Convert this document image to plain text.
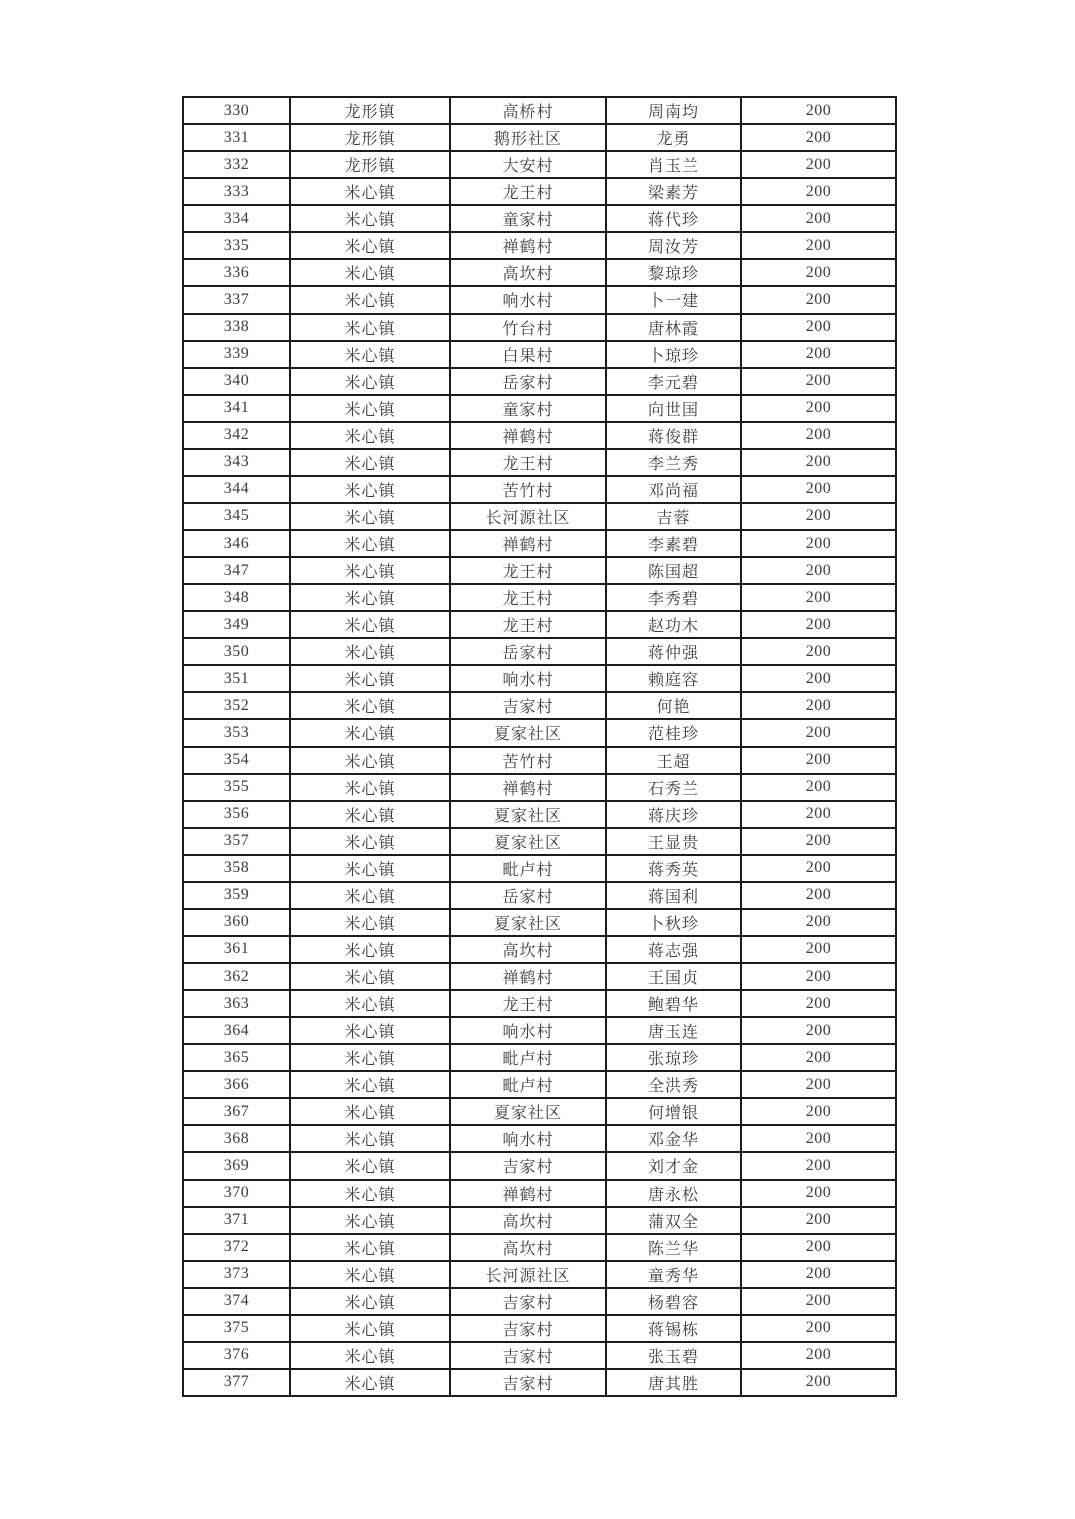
330	龙形镇	高桥村	周南均	200
331	龙形镇	鹅形社区	龙勇	200
332	龙形镇	大安村	肖玉兰	200
333	米心镇	龙王村	梁素芳	200
334	米心镇	童家村	蒋代珍	200
335	米心镇	禅鹤村	周汝芳	200
336	米心镇	高坎村	黎琼珍	200
337	米心镇	响水村	卜一建	200
338	米心镇	竹台村	唐林霞	200
339	米心镇	白果村	卜琼珍	200
340	米心镇	岳家村	李元碧	200
341	米心镇	童家村	向世国	200
342	米心镇	禅鹤村	蒋俊群	200
343	米心镇	龙王村	李兰秀	200
344	米心镇	苦竹村	邓尚福	200
345	米心镇	长河源社区	吉蓉	200
346	米心镇	禅鹤村	李素碧	200
347	米心镇	龙王村	陈国超	200
348	米心镇	龙王村	李秀碧	200
349	米心镇	龙王村	赵功木	200
350	米心镇	岳家村	蒋仲强	200
351	米心镇	响水村	赖庭容	200
352	米心镇	吉家村	何艳	200
353	米心镇	夏家社区	范桂珍	200
354	米心镇	苦竹村	王超	200
355	米心镇	禅鹤村	石秀兰	200
356	米心镇	夏家社区	蒋庆珍	200
357	米心镇	夏家社区	王显贵	200
358	米心镇	毗卢村	蒋秀英	200
359	米心镇	岳家村	蒋国利	200
360	米心镇	夏家社区	卜秋珍	200
361	米心镇	高坎村	蒋志强	200
362	米心镇	禅鹤村	王国贞	200
363	米心镇	龙王村	鲍碧华	200
364	米心镇	响水村	唐玉连	200
365	米心镇	毗卢村	张琼珍	200
366	米心镇	毗卢村	全洪秀	200
367	米心镇	夏家社区	何增银	200
368	米心镇	响水村	邓金华	200
369	米心镇	吉家村	刘才金	200
370	米心镇	禅鹤村	唐永松	200
371	米心镇	高坎村	蒲双全	200
372	米心镇	高坎村	陈兰华	200
373	米心镇	长河源社区	童秀华	200
374	米心镇	吉家村	杨碧容	200
375	米心镇	吉家村	蒋锡栋	200
376	米心镇	吉家村	张玉碧	200
377	米心镇	吉家村	唐其胜	200
